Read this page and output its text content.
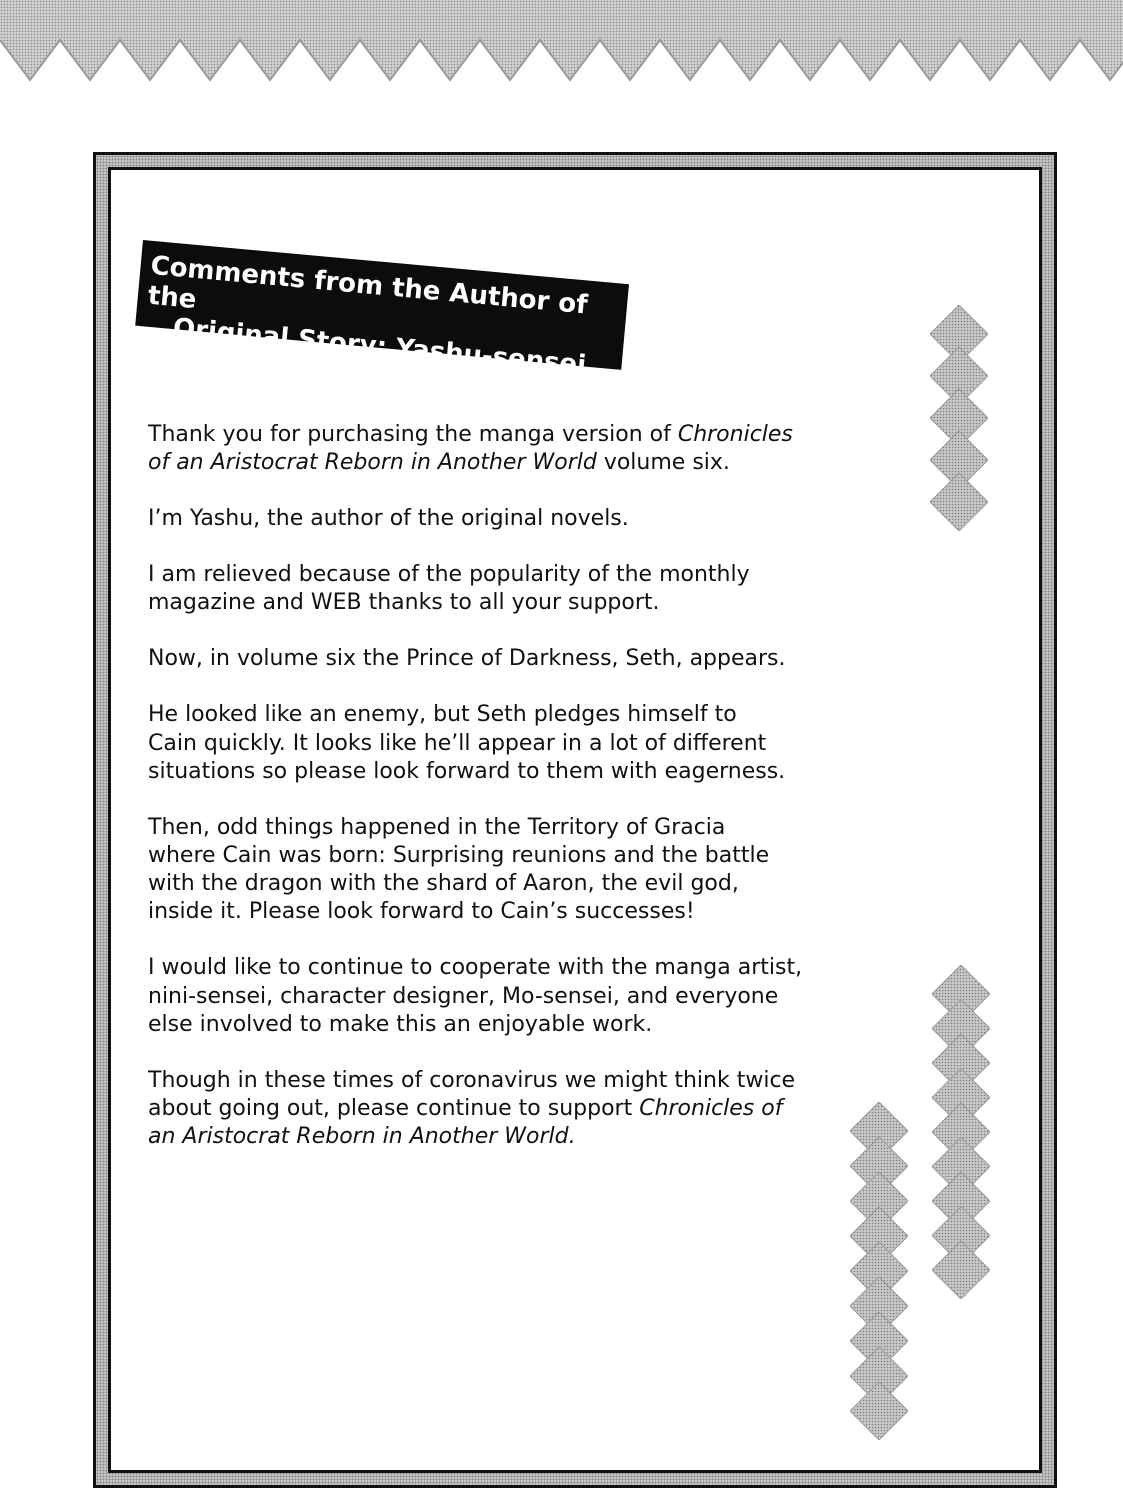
Comments from the Author of the
Original Story: Yashu-sensei

Thank you for purchasing the manga version of Chronicles
of an Aristocrat Reborn in Another World volume six.

I’m Yashu, the author of the original novels.

I am relieved because of the popularity of the monthly
magazine and WEB thanks to all your support.

Now, in volume six the Prince of Darkness, Seth, appears.

He looked like an enemy, but Seth pledges himself to
Cain quickly. It looks like he’ll appear in a lot of different
situations so please look forward to them with eagerness.

Then, odd things happened in the Territory of Gracia
where Cain was born: Surprising reunions and the battle
with the dragon with the shard of Aaron, the evil god,
inside it. Please look forward to Cain’s successes!

I would like to continue to cooperate with the manga artist,
nini-sensei, character designer, Mo-sensei, and everyone
else involved to make this an enjoyable work.

Though in these times of coronavirus we might think twice
about going out, please continue to support Chronicles of
an Aristocrat Reborn in Another World.
